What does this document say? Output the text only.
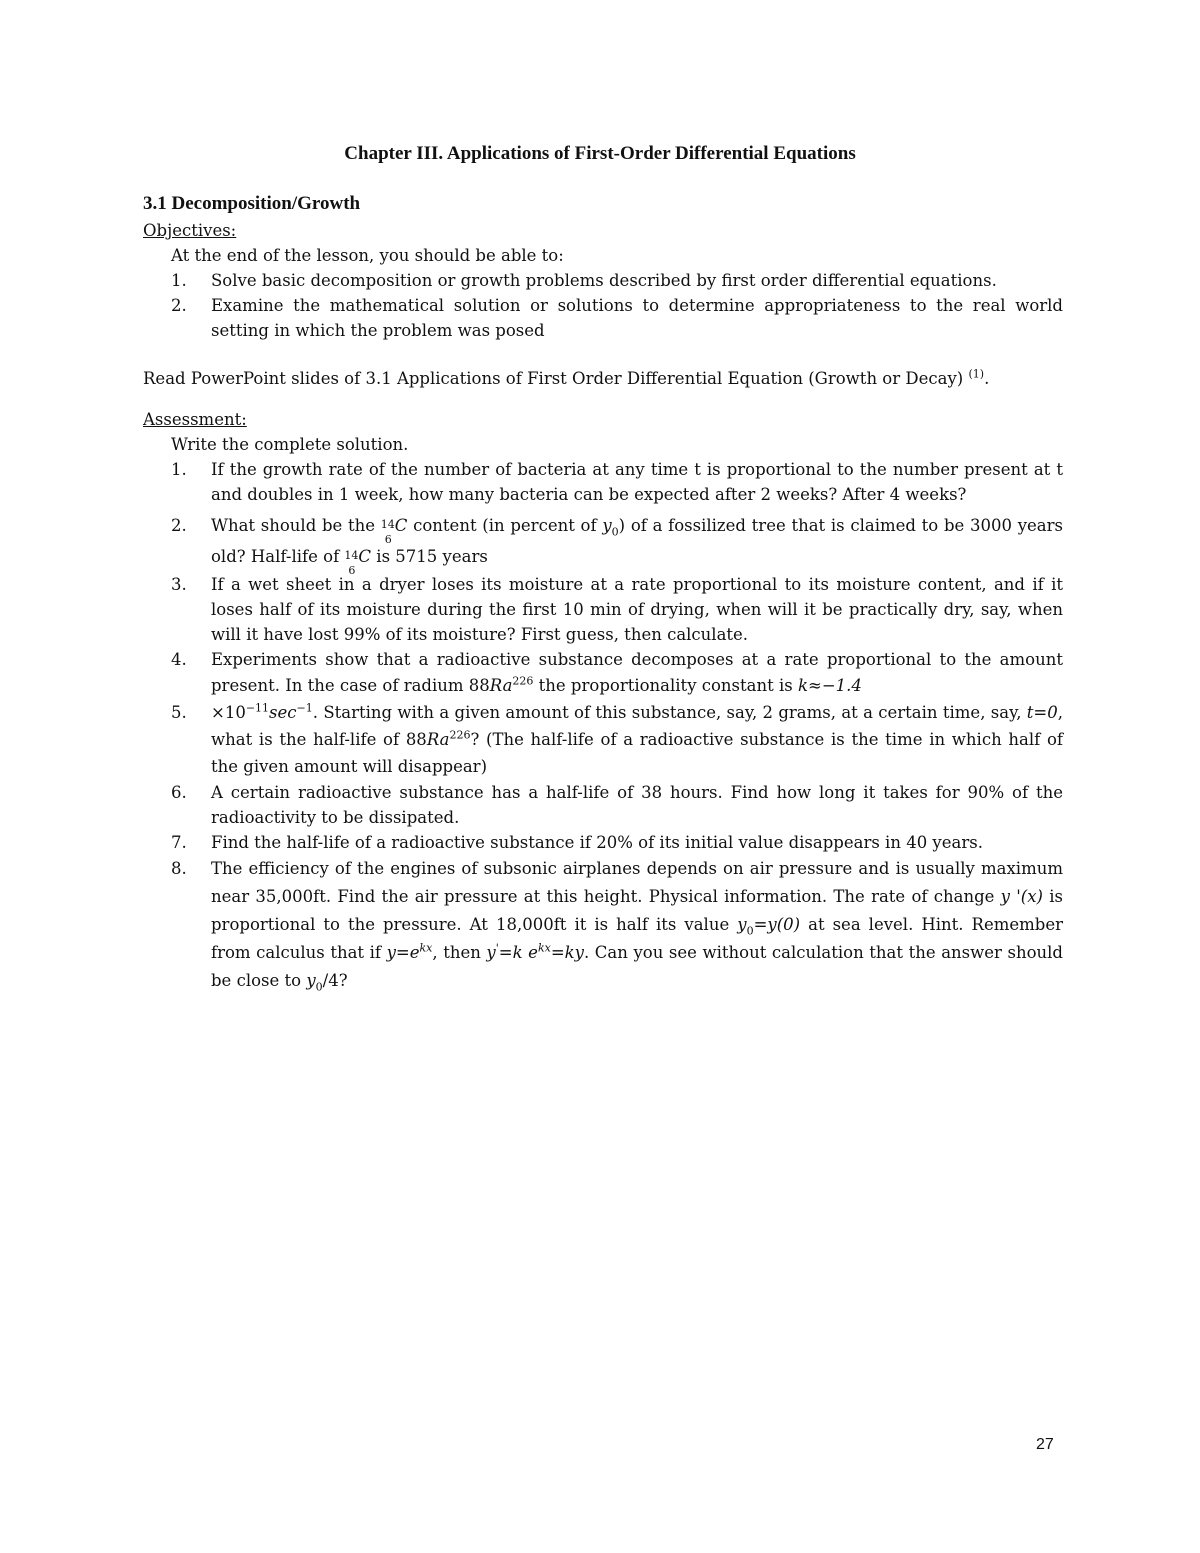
Chapter III. Applications of First-Order Differential Equations
3.1 Decomposition/Growth
Objectives:
At the end of the lesson, you should be able to:
1.	Solve basic decomposition or growth problems described by first order differential equations.
2.	Examine the mathematical solution or solutions to determine appropriateness to the real world setting in which the problem was posed
Read PowerPoint slides of 3.1 Applications of First Order Differential Equation (Growth or Decay) $^{(1)}$.
Assessment:
Write the complete solution.
1.	If the growth rate of the number of bacteria at any time t is proportional to the number present at t and doubles in 1 week, how many bacteria can be expected after 2 weeks? After 4 weeks?
2.	What should be the 14
6
C content (in percent of $y_0$) of a fossilized tree that is claimed to be 3000 years old? Half-life of 14
6
C is 5715 years
3.	If a wet sheet in a dryer loses its moisture at a rate proportional to its moisture content, and if it loses half of its moisture during the first 10 min of drying, when will it be practically dry, say, when will it have lost 99% of its moisture? First guess, then calculate.
4.	Experiments show that a radioactive substance decomposes at a rate proportional to the amount present. In the case of radium 88Ra$^{226}$ the proportionality constant is k≈−1.4
5.	$\times 10^{-11}\sec^{-1}$. Starting with a given amount of this substance, say, 2 grams, at a certain time, say, t=0, what is the half-life of 88Ra$^{226}$? (The half-life of a radioactive substance is the time in which half of the given amount will disappear)
6.	A certain radioactive substance has a half-life of 38 hours. Find how long it takes for 90% of the radioactivity to be dissipated.
7.	Find the half-life of a radioactive substance if 20% of its initial value disappears in 40 years.
8.	The efficiency of the engines of subsonic airplanes depends on air pressure and is usually maximum near 35,000ft. Find the air pressure at this height. Physical information. The rate of change y '(x) is proportional to the pressure. At 18,000ft it is half its value $y_0=y(0)$ at sea level. Hint. Remember from calculus that if $y=e^{kx}$, then y'=k $e^{kx}=ky$. Can you see without calculation that the answer should be close to $y_0/4$?
27
